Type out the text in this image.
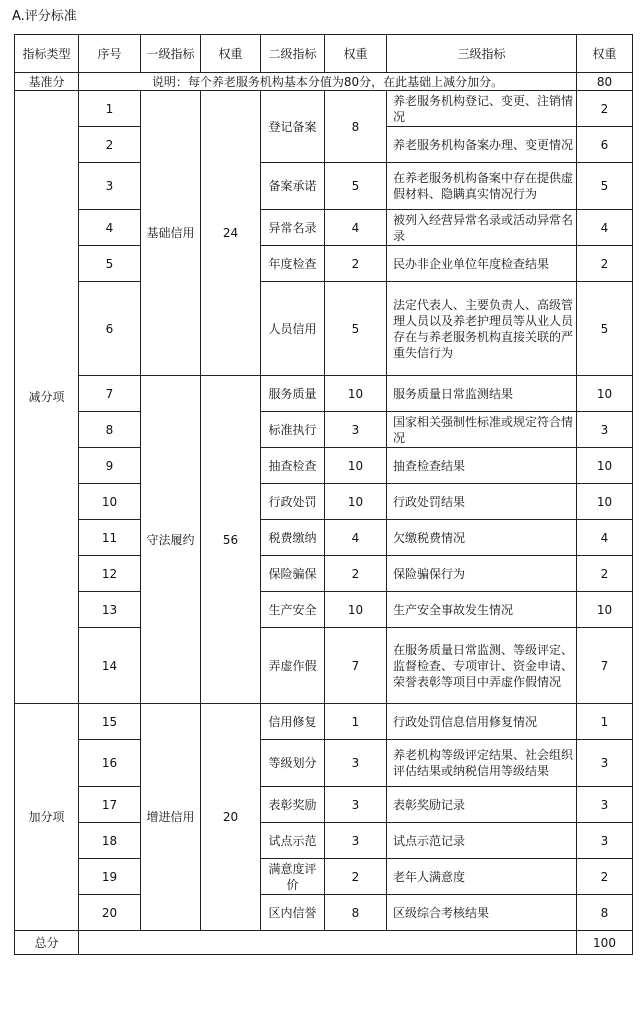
A.评分标准
指标类型	序号	一级指标	权重	二级指标	权重	三级指标	权重
基准分	说明：每个养老服务机构基本分值为80分，在此基础上减分加分。						80
减分项	1	基础信用	24	登记备案	8	养老服务机构登记、变更、注销情况	2
	2					养老服务机构备案办理、变更情况	6
	3			备案承诺	5	在养老服务机构备案中存在提供虚假材料、隐瞒真实情况行为	5
	4			异常名录	4	被列入经营异常名录或活动异常名录	4
	5			年度检查	2	民办非企业单位年度检查结果	2
	6			人员信用	5	法定代表人、主要负责人、高级管理人员以及养老护理员等从业人员存在与养老服务机构直接关联的严重失信行为	5
	7	守法履约	56	服务质量	10	服务质量日常监测结果	10
	8			标准执行	3	国家相关强制性标准或规定符合情况	3
	9			抽查检查	10	抽查检查结果	10
	10			行政处罚	10	行政处罚结果	10
	11			税费缴纳	4	欠缴税费情况	4
	12			保险骗保	2	保险骗保行为	2
	13			生产安全	10	生产安全事故发生情况	10
	14			弄虚作假	7	在服务质量日常监测、等级评定、监督检查、专项审计、资金申请、荣誉表彰等项目中弄虚作假情况	7
加分项	15	增进信用	20	信用修复	1	行政处罚信息信用修复情况	1
	16			等级划分	3	养老机构等级评定结果、社会组织评估结果或纳税信用等级结果	3
	17			表彰奖励	3	表彰奖励记录	3
	18			试点示范	3	试点示范记录	3
	19			满意度评价	2	老年人满意度	2
	20			区内信誉	8	区级综合考核结果	8
总分							100
